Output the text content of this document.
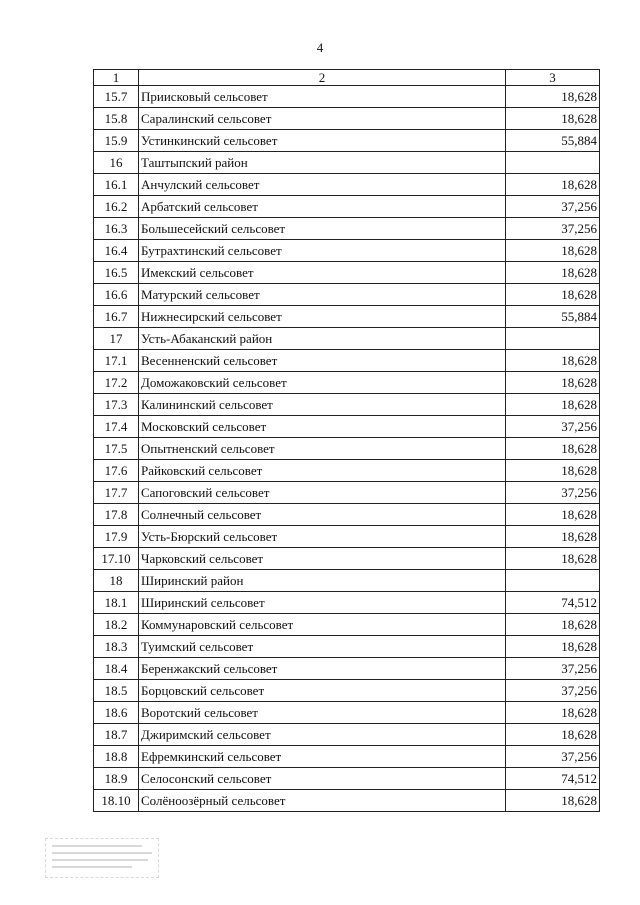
4
1	2	3
15.7	Приисковый сельсовет	18,628
15.8	Саралинский сельсовет	18,628
15.9	Устинкинский сельсовет	55,884
16	Таштыпский район	
16.1	Анчулский сельсовет	18,628
16.2	Арбатский сельсовет	37,256
16.3	Большесейский сельсовет	37,256
16.4	Бутрахтинский сельсовет	18,628
16.5	Имекский сельсовет	18,628
16.6	Матурский сельсовет	18,628
16.7	Нижнесирский сельсовет	55,884
17	Усть-Абаканский район	
17.1	Весенненский сельсовет	18,628
17.2	Доможаковский сельсовет	18,628
17.3	Калининский сельсовет	18,628
17.4	Московский сельсовет	37,256
17.5	Опытненский сельсовет	18,628
17.6	Райковский сельсовет	18,628
17.7	Сапоговский сельсовет	37,256
17.8	Солнечный сельсовет	18,628
17.9	Усть-Бюрский сельсовет	18,628
17.10	Чарковский сельсовет	18,628
18	Ширинский район	
18.1	Ширинский сельсовет	74,512
18.2	Коммунаровский сельсовет	18,628
18.3	Туимский сельсовет	18,628
18.4	Беренжакский сельсовет	37,256
18.5	Борцовский сельсовет	37,256
18.6	Воротский сельсовет	18,628
18.7	Джиримский сельсовет	18,628
18.8	Ефремкинский сельсовет	37,256
18.9	Селосонский сельсовет	74,512
18.10	Солёноозёрный сельсовет	18,628
